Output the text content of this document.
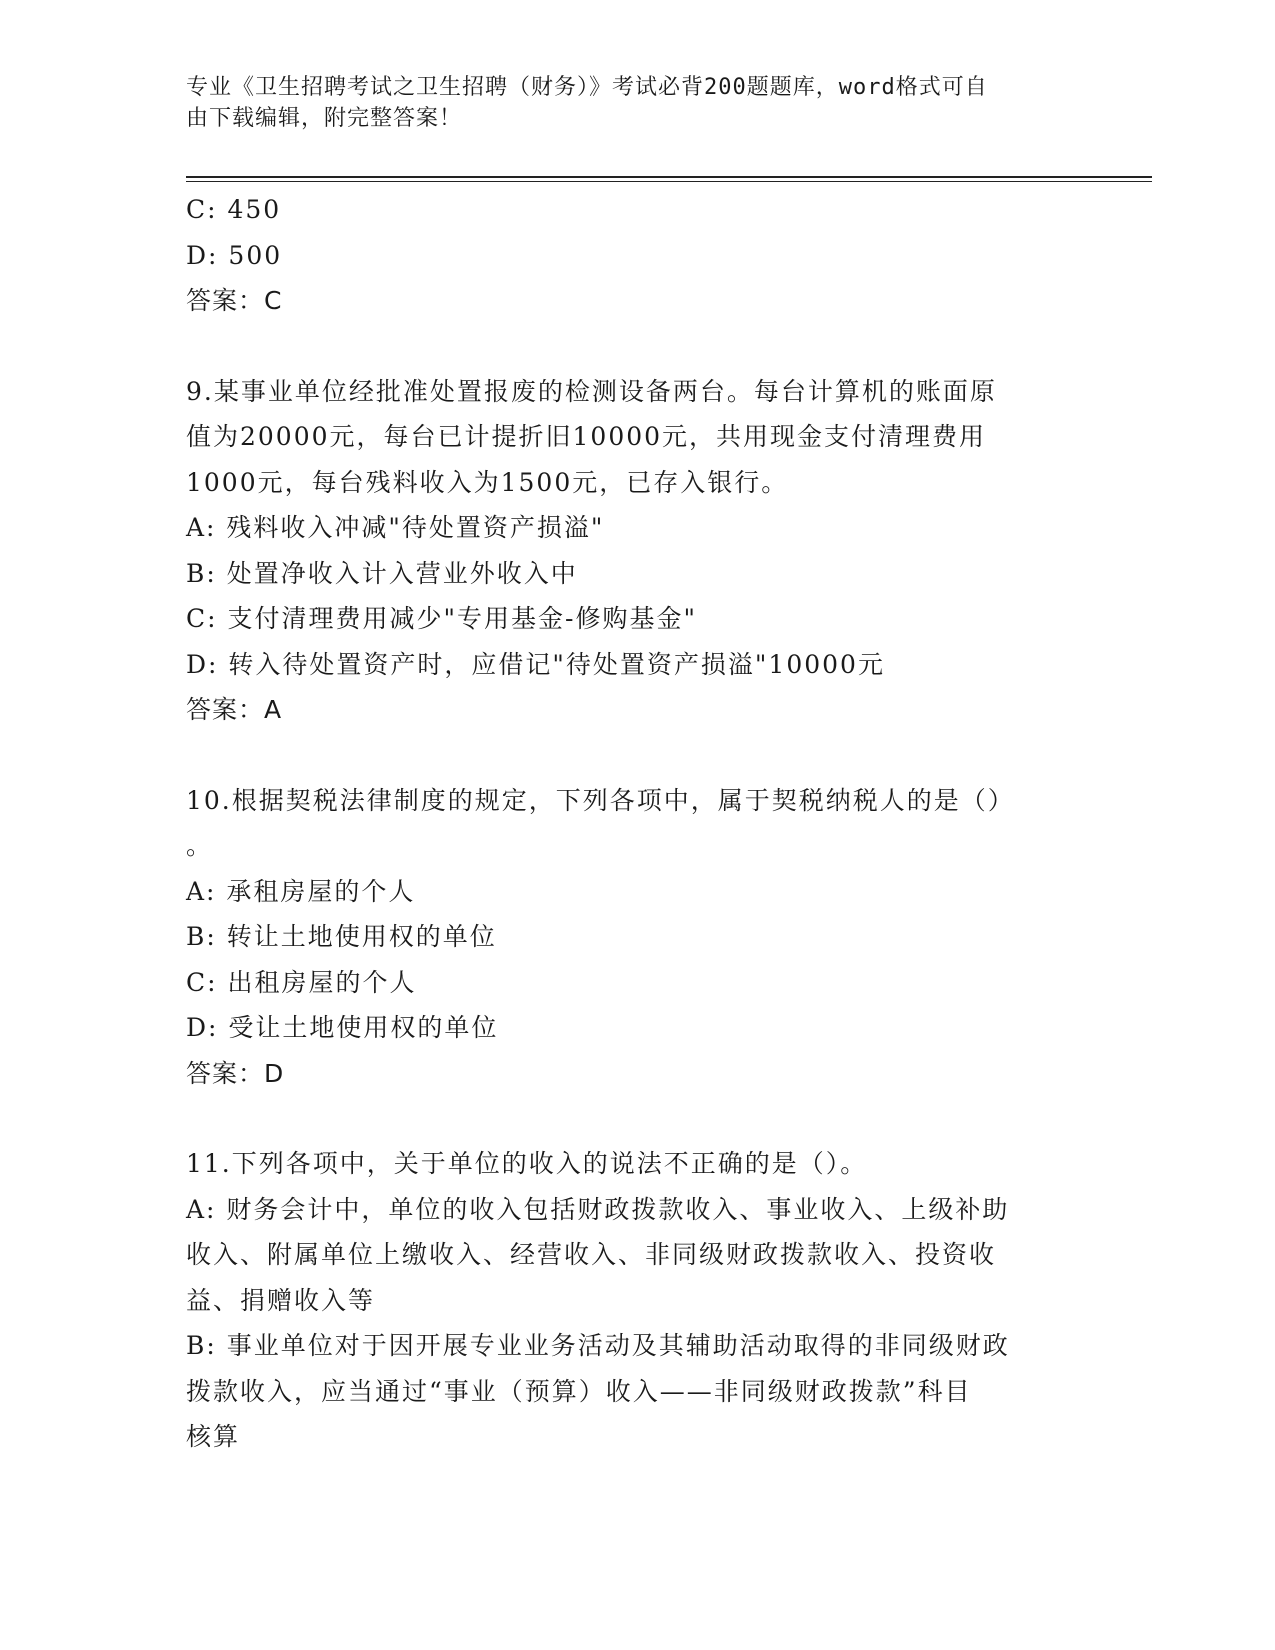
专业《卫生招聘考试之卫生招聘（财务）》考试必背200题题库，word格式可自
由下载编辑，附完整答案！
C: 450
D: 500
答案：C
9.某事业单位经批准处置报废的检测设备两台。每台计算机的账面原
值为20000元，每台已计提折旧10000元，共用现金支付清理费用
1000元，每台残料收入为1500元，已存入银行。
A: 残料收入冲减"待处置资产损溢"
B: 处置净收入计入营业外收入中
C: 支付清理费用减少"专用基金-修购基金"
D: 转入待处置资产时，应借记"待处置资产损溢"10000元
答案：A
10.根据契税法律制度的规定，下列各项中，属于契税纳税人的是（）
。
A: 承租房屋的个人
B: 转让土地使用权的单位
C: 出租房屋的个人
D: 受让土地使用权的单位
答案：D
11.下列各项中，关于单位的收入的说法不正确的是（）。
A: 财务会计中，单位的收入包括财政拨款收入、事业收入、上级补助
收入、附属单位上缴收入、经营收入、非同级财政拨款收入、投资收
益、捐赠收入等
B: 事业单位对于因开展专业业务活动及其辅助活动取得的非同级财政
拨款收入，应当通过“事业（预算）收入——非同级财政拨款”科目
核算
